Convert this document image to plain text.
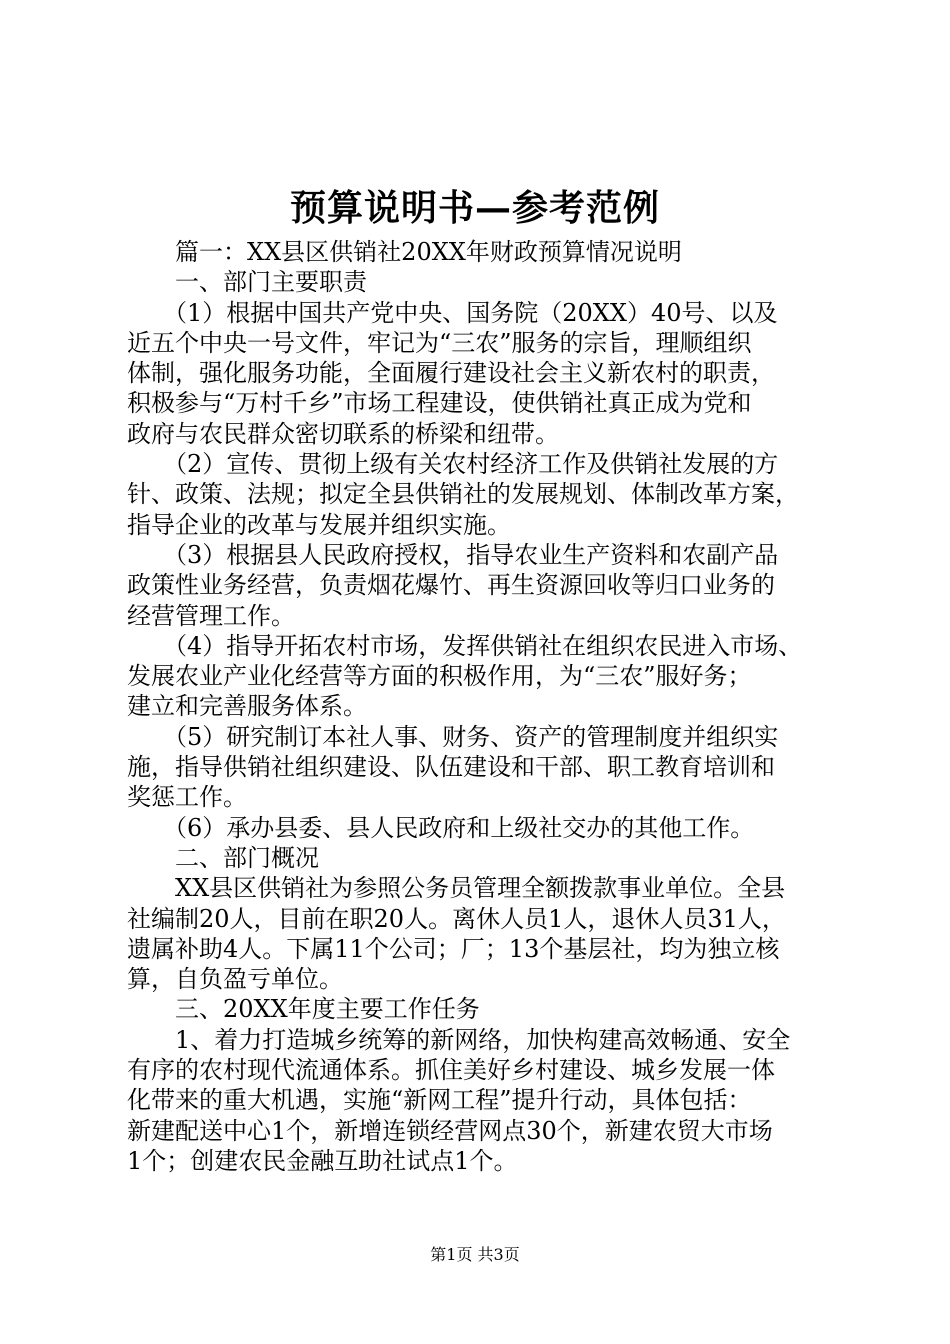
预算说明书—参考范例
　　篇一：XX县区供销社20XX年财政预算情况说明
　　一、部门主要职责
　　（1）根据中国共产党中央、国务院（20XX）40号、以及
近五个中央一号文件，牢记为“三农”服务的宗旨，理顺组织
体制，强化服务功能，全面履行建设社会主义新农村的职责，
积极参与“万村千乡”市场工程建设，使供销社真正成为党和
政府与农民群众密切联系的桥梁和纽带。
　　（2）宣传、贯彻上级有关农村经济工作及供销社发展的方
针、政策、法规；拟定全县供销社的发展规划、体制改革方案，
指导企业的改革与发展并组织实施。
　　（3）根据县人民政府授权，指导农业生产资料和农副产品
政策性业务经营，负责烟花爆竹、再生资源回收等归口业务的
经营管理工作。
　　（4）指导开拓农村市场，发挥供销社在组织农民进入市场、
发展农业产业化经营等方面的积极作用，为“三农”服好务；
建立和完善服务体系。
　　（5）研究制订本社人事、财务、资产的管理制度并组织实
施，指导供销社组织建设、队伍建设和干部、职工教育培训和
奖惩工作。
　　（6）承办县委、县人民政府和上级社交办的其他工作。
　　二、部门概况
　　XX县区供销社为参照公务员管理全额拨款事业单位。全县
社编制20人，目前在职20人。离休人员1人，退休人员31人，
遗属补助4人。下属11个公司；厂；13个基层社，均为独立核
算，自负盈亏单位。
　　三、20XX年度主要工作任务
　　1、着力打造城乡统筹的新网络，加快构建高效畅通、安全
有序的农村现代流通体系。抓住美好乡村建设、城乡发展一体
化带来的重大机遇，实施“新网工程”提升行动，具体包括：
新建配送中心1个，新增连锁经营网点30个，新建农贸大市场
1个；创建农民金融互助社试点1个。
第1页 共3页
